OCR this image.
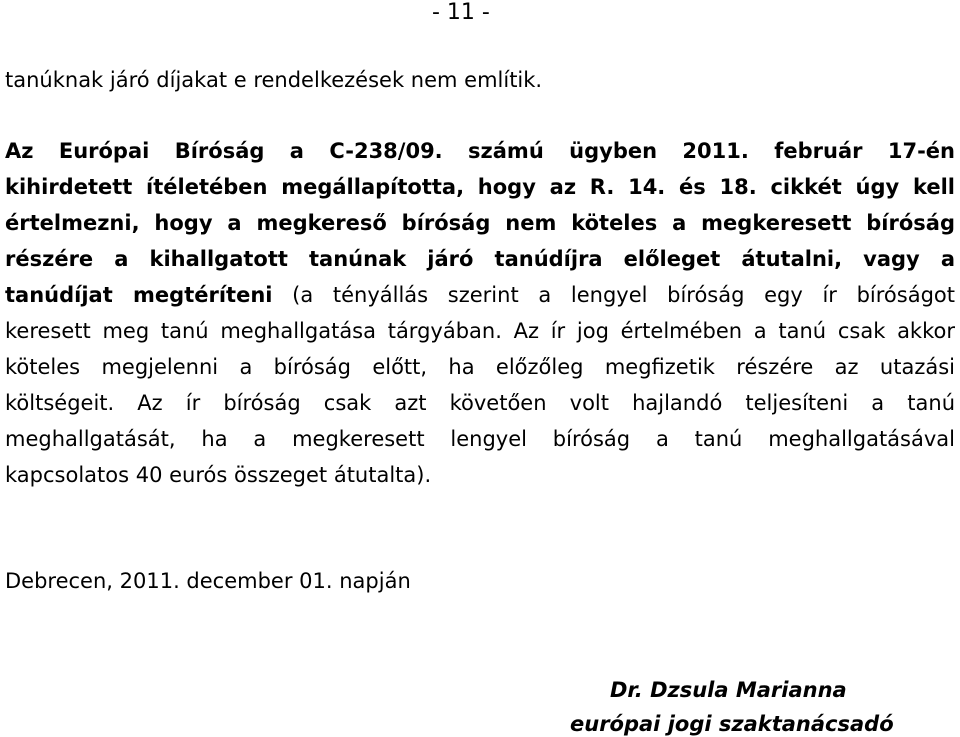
- 11 -
tanúknak járó díjakat e rendelkezések nem említik.
Az Európai Bíróság a C-238/09. számú ügyben 2011. február 17-én
kihirdetett ítéletében megállapította, hogy az R. 14. és 18. cikkét úgy kell
értelmezni, hogy a megkereső bíróság nem köteles a megkeresett bíróság
részére a kihallgatott tanúnak járó tanúdíjra előleget átutalni, vagy a
tanúdíjat megtéríteni (a tényállás szerint a lengyel bíróság egy ír bíróságot
keresett meg tanú meghallgatása tárgyában. Az ír jog értelmében a tanú csak akkor
köteles megjelenni a bíróság előtt, ha előzőleg megfizetik részére az utazási
költségeit. Az ír bíróság csak azt követően volt hajlandó teljesíteni a tanú
meghallgatását, ha a megkeresett lengyel bíróság a tanú meghallgatásával
kapcsolatos 40 eurós összeget átutalta).
Debrecen, 2011. december 01. napján
Dr. Dzsula Marianna
európai jogi szaktanácsadó
